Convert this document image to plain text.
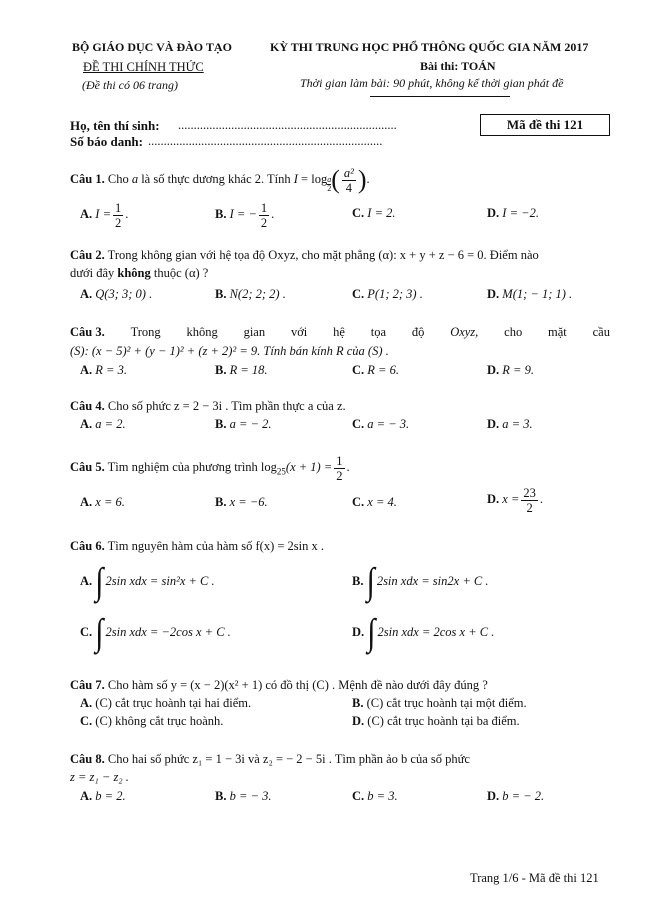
BỘ GIÁO DỤC VÀ ĐÀO TẠO
ĐỀ THI CHÍNH THỨC
(Đề thi có 06 trang)
KỲ THI TRUNG HỌC PHỔ THÔNG QUỐC GIA NĂM 2017
Bài thi: TOÁN
Thời gian làm bài: 90 phút, không kể thời gian phát đề
Họ, tên thí sinh: ......................................................................
Số báo danh: ...........................................................................
Mã đề thi 121
Câu 1. Cho a là số thực dương khác 2. Tính $I = \log \frac{a}{2}$ ( $\frac{\text{a²}}{4}$ ).
A. $I = \frac{1}{2}$ .	B. I = − $\frac{1}{2}$ .	C. I = 2.	D. I = −2.
Câu 2. Trong không gian với hệ tọa độ Oxyz, cho mặt phẳng (α): x + y + z − 6 = 0. Điểm nào
dưới đây không thuộc (α) ?
A. Q(3; 3; 0) .	B. N(2; 2; 2) .	C. P(1; 2; 3) .	D. M(1; − 1; 1) .
Câu 3. Trong không gian với hệ tọa độ Oxyz, cho mặt cầu
(S): (x − 5)² + (y − 1)² + (z + 2)² = 9. Tính bán kính R của (S) .
A. R = 3.	B. R = 18.	C. R = 6.	D. R = 9.
Câu 4. Cho số phức z = 2 − 3i . Tìm phần thực a của z.
A. a = 2.	B. a = − 2.	C. a = − 3.	D. a = 3.
Câu 5. Tìm nghiệm của phương trình $\log_{25}(x + 1) = \frac{1}{2}$ .
A. x = 6.	B. x = −6.	C. x = 4.	D. $x = \frac{23}{2}$ .
Câu 6. Tìm nguyên hàm của hàm số f(x) = 2sin x .
A. ∫ 2sin xdx = sin²x + C .	B. ∫ 2sin xdx = sin2x + C .
C. ∫ 2sin xdx = −2cos x + C .	D. ∫ 2sin xdx = 2cos x + C .
Câu 7. Cho hàm số y = (x − 2)(x² + 1) có đồ thị (C) . Mệnh đề nào dưới đây đúng ?
A. (C) cắt trục hoành tại hai điểm.	B. (C) cắt trục hoành tại một điểm.
C. (C) không cắt trục hoành.	D. (C) cắt trục hoành tại ba điểm.
Câu 8. Cho hai số phức z₁ = 1 − 3i và z₂ = − 2 − 5i . Tìm phần ảo b của số phức
z = z₁ − z₂ .
A. b = 2.	B. b = − 3.	C. b = 3.	D. b = − 2.
Trang 1/6 - Mã đề thi 121
